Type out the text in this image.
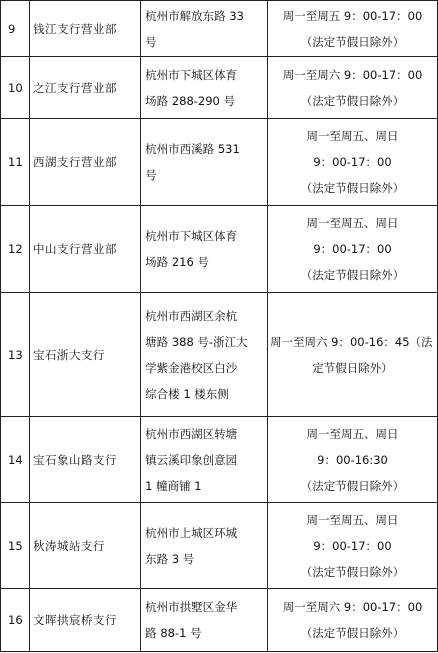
9	钱江支行营业部	杭州市解放东路 33
号	周一至周五 9：00-17：00
（法定节假日除外）

10	之江支行营业部	杭州市下城区体育
场路 288-290 号	周一至周六 9：00-17：00
（法定节假日除外）

11	西湖支行营业部	杭州市西溪路 531
号	周一至周五、周日
9：00-17：00
（法定节假日除外）

12	中山支行营业部	杭州市下城区体育
场路 216 号	周一至周五、周日
9：00-17：00
（法定节假日除外）

13	宝石浙大支行	杭州市西湖区余杭
塘路 388 号-浙江大
学紫金港校区白沙
综合楼 1 楼东侧	周一至周六 9：00-16：45（法
定节假日除外）

14	宝石象山路支行	杭州市西湖区转塘
镇云溪印象创意园
1 幢商铺 1	周一至周五、周日
9：00-16:30
（法定节假日除外）

15	秋涛城站支行	杭州市上城区环城
东路 3 号	周一至周五、周日
9：00-17：00
（法定节假日除外）

16	文晖拱宸桥支行	杭州市拱墅区金华
路 88-1 号	周一至周六 9：00-17：00
（法定节假日除外）
